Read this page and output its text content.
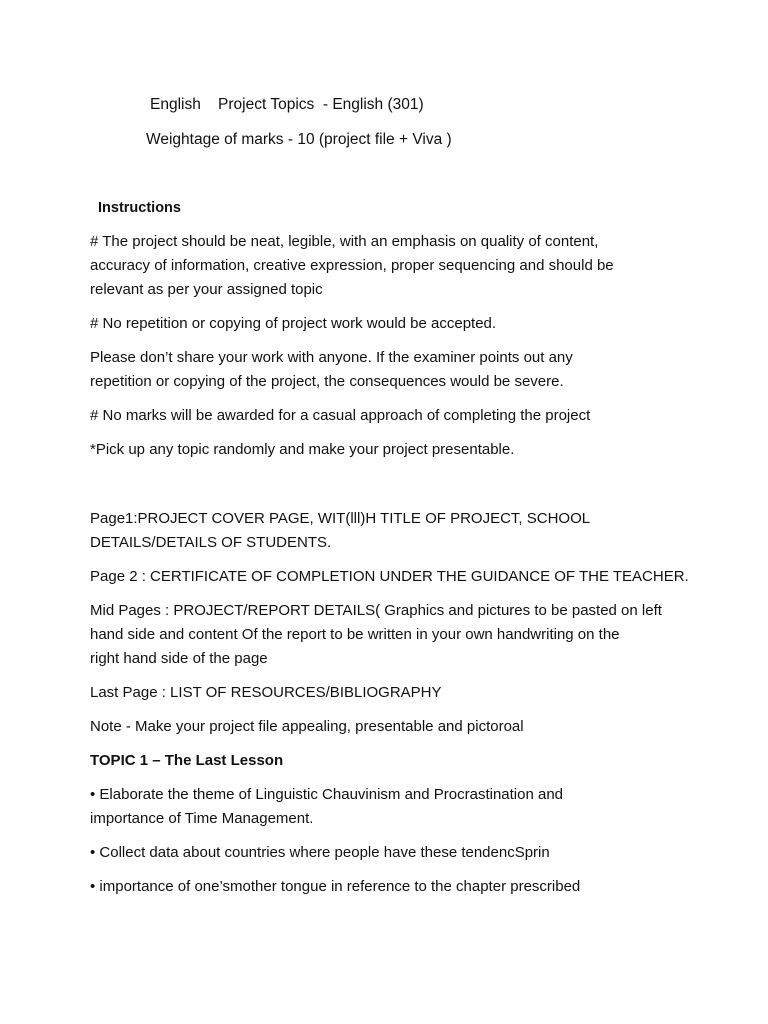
English    Project Topics  - English (301)
Weightage of marks - 10 (project file + Viva )
Instructions
# The project should be neat, legible, with an emphasis on quality of content,
accuracy of information, creative expression, proper sequencing and should be
relevant as per your assigned topic
# No repetition or copying of project work would be accepted.
Please don’t share your work with anyone. If the examiner points out any
repetition or copying of the project, the consequences would be severe.
# No marks will be awarded for a casual approach of completing the project
*Pick up any topic randomly and make your project presentable.
Page1:PROJECT COVER PAGE, WIT(lll)H TITLE OF PROJECT, SCHOOL
DETAILS/DETAILS OF STUDENTS.
Page 2 : CERTIFICATE OF COMPLETION UNDER THE GUIDANCE OF THE TEACHER.
Mid Pages : PROJECT/REPORT DETAILS( Graphics and pictures to be pasted on left
hand side and content Of the report to be written in your own handwriting on the
right hand side of the page
Last Page : LIST OF RESOURCES/BIBLIOGRAPHY
Note - Make your project file appealing, presentable and pictoroal
TOPIC 1 – The Last Lesson
• Elaborate the theme of Linguistic Chauvinism and Procrastination and
importance of Time Management.
• Collect data about countries where people have these tendencSprin
• importance of one’smother tongue in reference to the chapter prescribed
